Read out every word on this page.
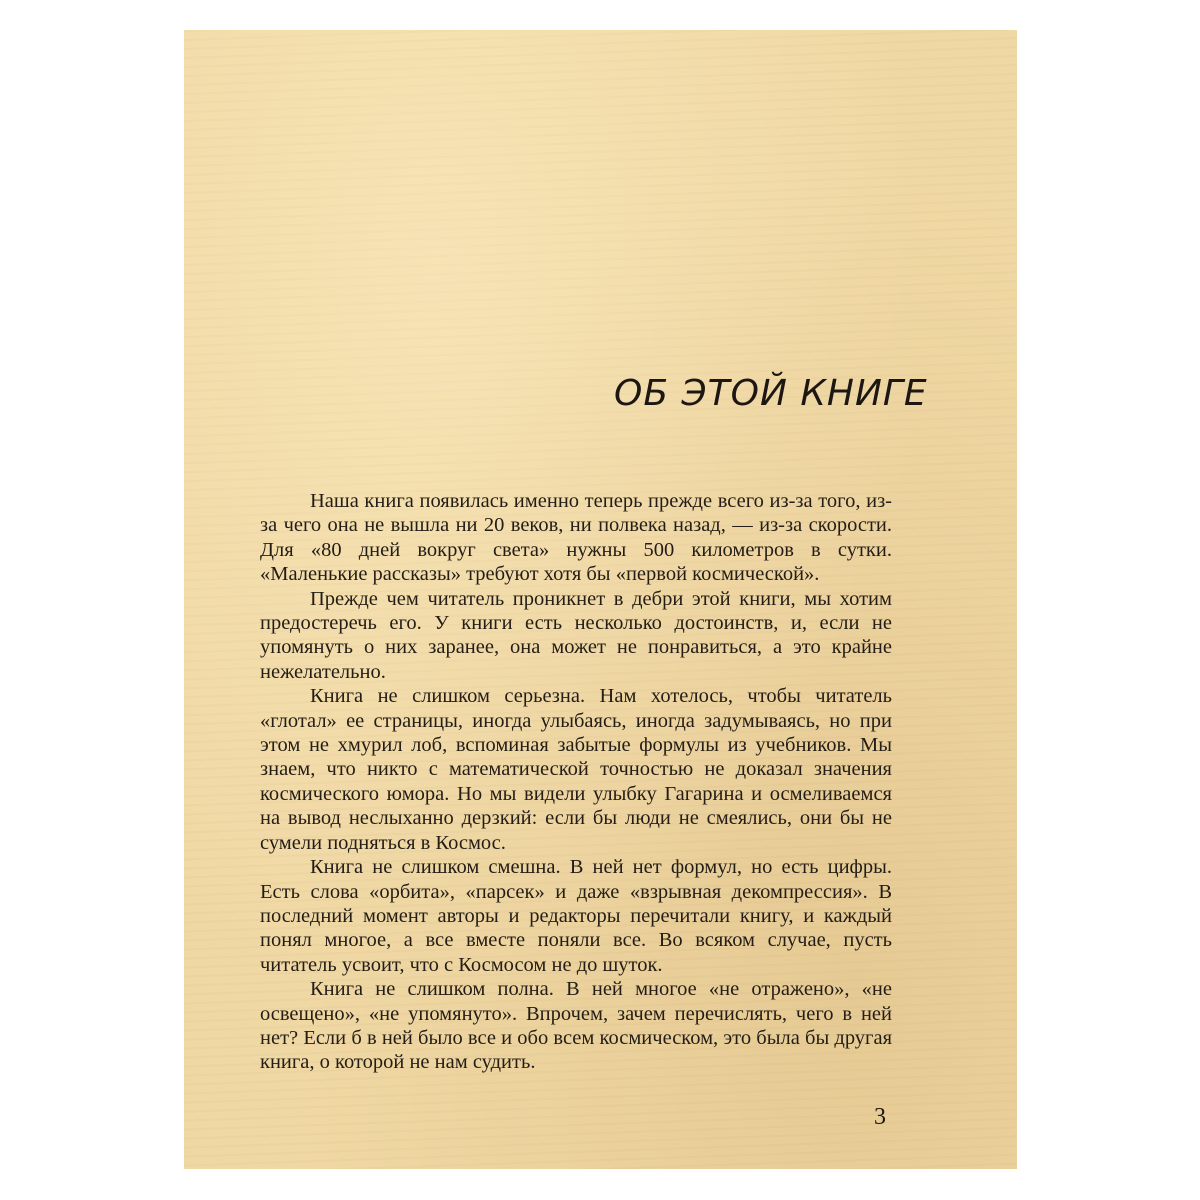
ОБ ЭТОЙ КНИГЕ

Наша книга появилась именно теперь прежде всего из-за того, из-за чего она не вышла ни 20 веков, ни полвека назад, — из-за скорости. Для «80 дней вокруг света» нужны 500 километров в сутки. «Маленькие рассказы» требуют хотя бы «первой космической».

Прежде чем читатель проникнет в дебри этой книги, мы хотим предостеречь его. У книги есть несколько достоинств, и, если не упомянуть о них заранее, она может не понравиться, а это крайне нежелательно.

Книга не слишком серьезна. Нам хотелось, чтобы читатель «глотал» ее страницы, иногда улыбаясь, иногда задумываясь, но при этом не хмурил лоб, вспоминая забытые формулы из учебников. Мы знаем, что никто с математической точностью не доказал значения космического юмора. Но мы видели улыбку Гагарина и осмеливаемся на вывод неслыханно дерзкий: если бы люди не смеялись, они бы не сумели подняться в Космос.

Книга не слишком смешна. В ней нет формул, но есть цифры. Есть слова «орбита», «парсек» и даже «взрывная декомпрессия». В последний момент авторы и редакторы перечитали книгу, и каждый понял многое, а все вместе поняли все. Во всяком случае, пусть читатель усвоит, что с Космосом не до шуток.

Книга не слишком полна. В ней многое «не отражено», «не освещено», «не упомянуто». Впрочем, зачем перечислять, чего в ней нет? Если б в ней было все и обо всем космическом, это была бы другая книга, о которой не нам судить.

3
